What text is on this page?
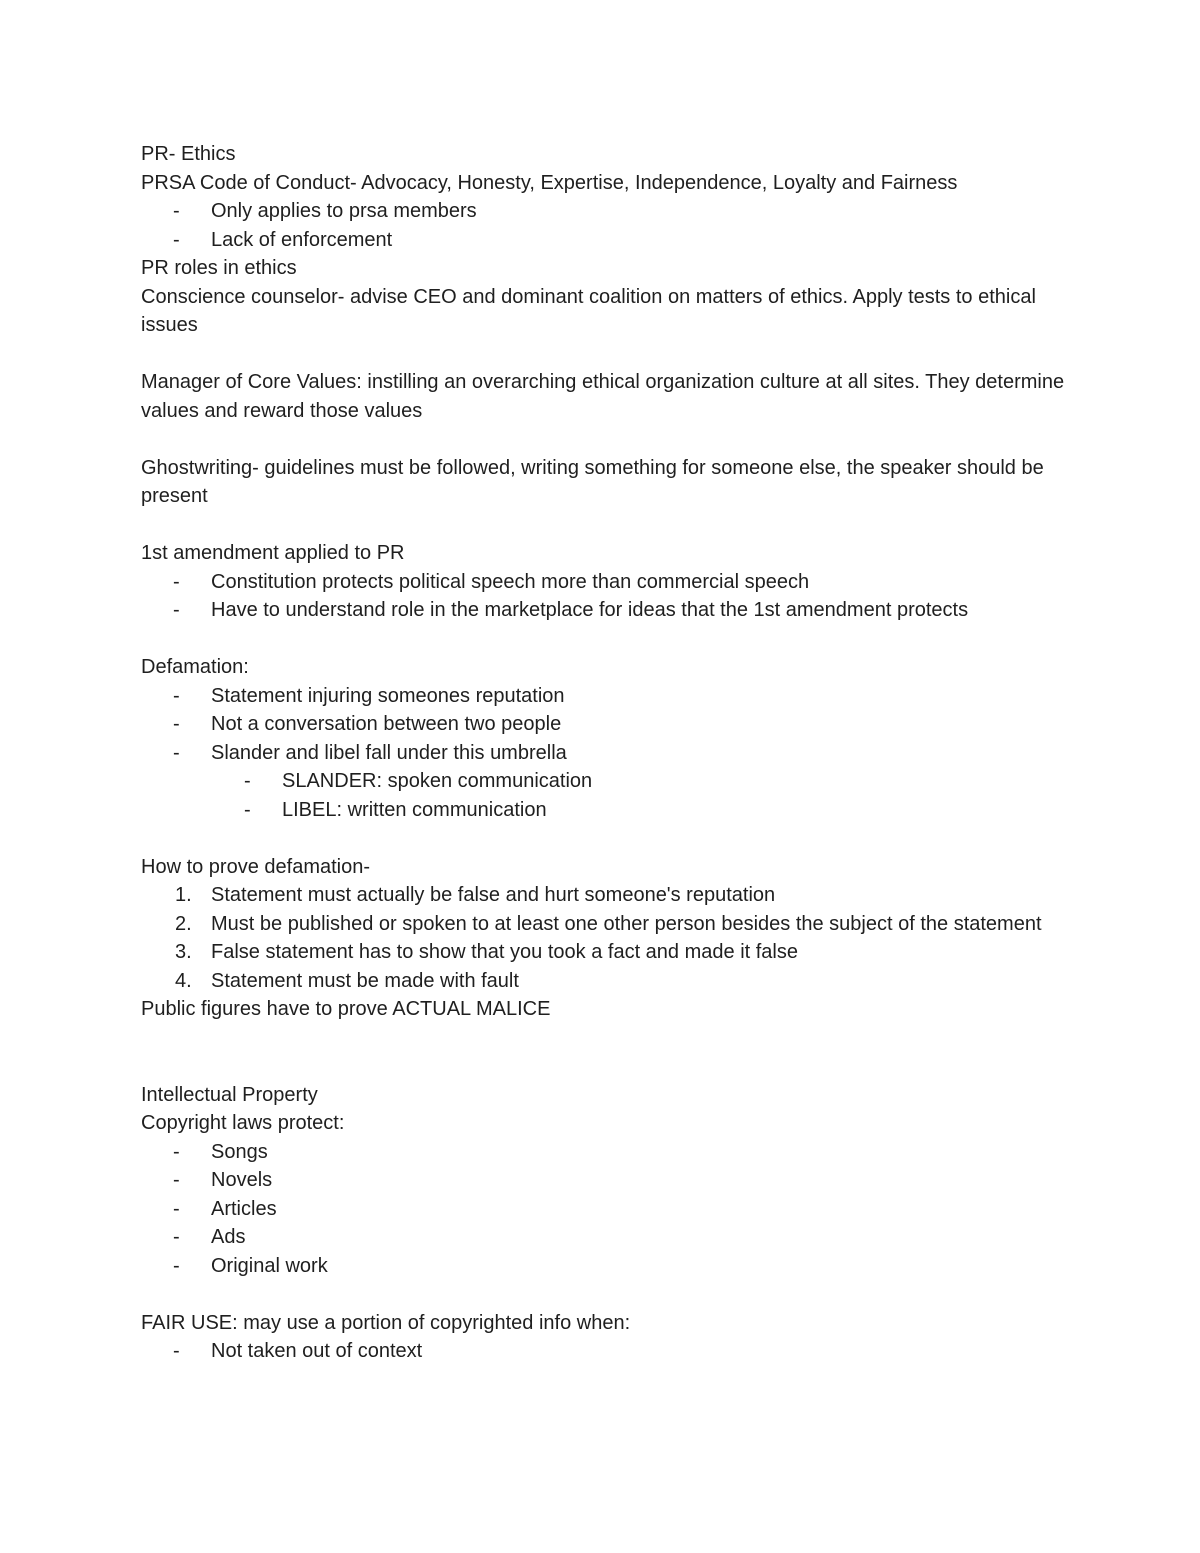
PR- Ethics

PRSA Code of Conduct- Advocacy, Honesty, Expertise, Independence, Loyalty and Fairness

- Only applies to prsa members
- Lack of enforcement

PR roles in ethics

Conscience counselor- advise CEO and dominant coalition on matters of ethics. Apply tests to ethical issues

Manager of Core Values: instilling an overarching ethical organization culture at all sites. They determine values and reward those values

Ghostwriting- guidelines must be followed, writing something for someone else, the speaker should be present

1st amendment applied to PR

- Constitution protects political speech more than commercial speech
- Have to understand role in the marketplace for ideas that the 1st amendment protects

Defamation:

- Statement injuring someones reputation
- Not a conversation between two people
- Slander and libel fall under this umbrella
- SLANDER: spoken communication
- LIBEL: written communication

How to prove defamation-

1. Statement must actually be false and hurt someone's reputation
2. Must be published or spoken to at least one other person besides the subject of the statement
3. False statement has to show that you took a fact and made it false
4. Statement must be made with fault

Public figures have to prove ACTUAL MALICE

Intellectual Property

Copyright laws protect:

- Songs
- Novels
- Articles
- Ads
- Original work

FAIR USE: may use a portion of copyrighted info when:

- Not taken out of context
